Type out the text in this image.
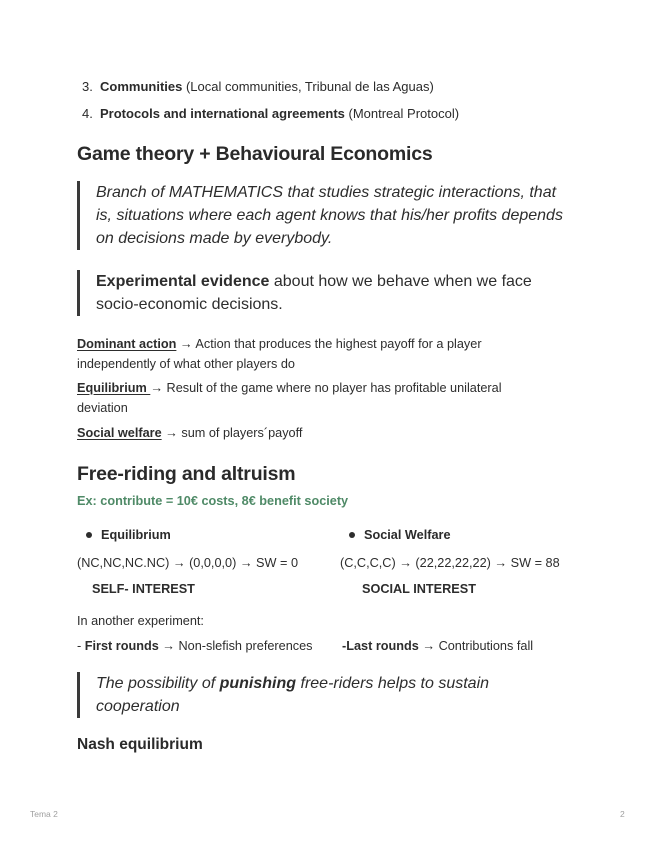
3. Communities (Local communities, Tribunal de las Aguas)
4. Protocols and international agreements (Montreal Protocol)
Game theory + Behavioural Economics
Branch of MATHEMATICS that studies strategic interactions, that is, situations where each agent knows that his/her profits depends on decisions made by everybody.
Experimental evidence about how we behave when we face socio-economic decisions.
Dominant action → Action that produces the highest payoff for a player independently of what other players do
Equilibrium → Result of the game where no player has profitable unilateral deviation
Social welfare → sum of players´payoff
Free-riding and altruism
Ex: contribute = 10€ costs, 8€ benefit society
Equilibrium	Social Welfare
(NC,NC,NC.NC) → (0,0,0,0) → SW = 0	(C,C,C,C) → (22,22,22,22) → SW = 88
SELF- INTEREST	SOCIAL INTEREST
In another experiment:
- First rounds → Non-slefish preferences -Last rounds → Contributions fall
The possibility of punishing free-riders helps to sustain cooperation
Nash equilibrium
Tema 2	2
